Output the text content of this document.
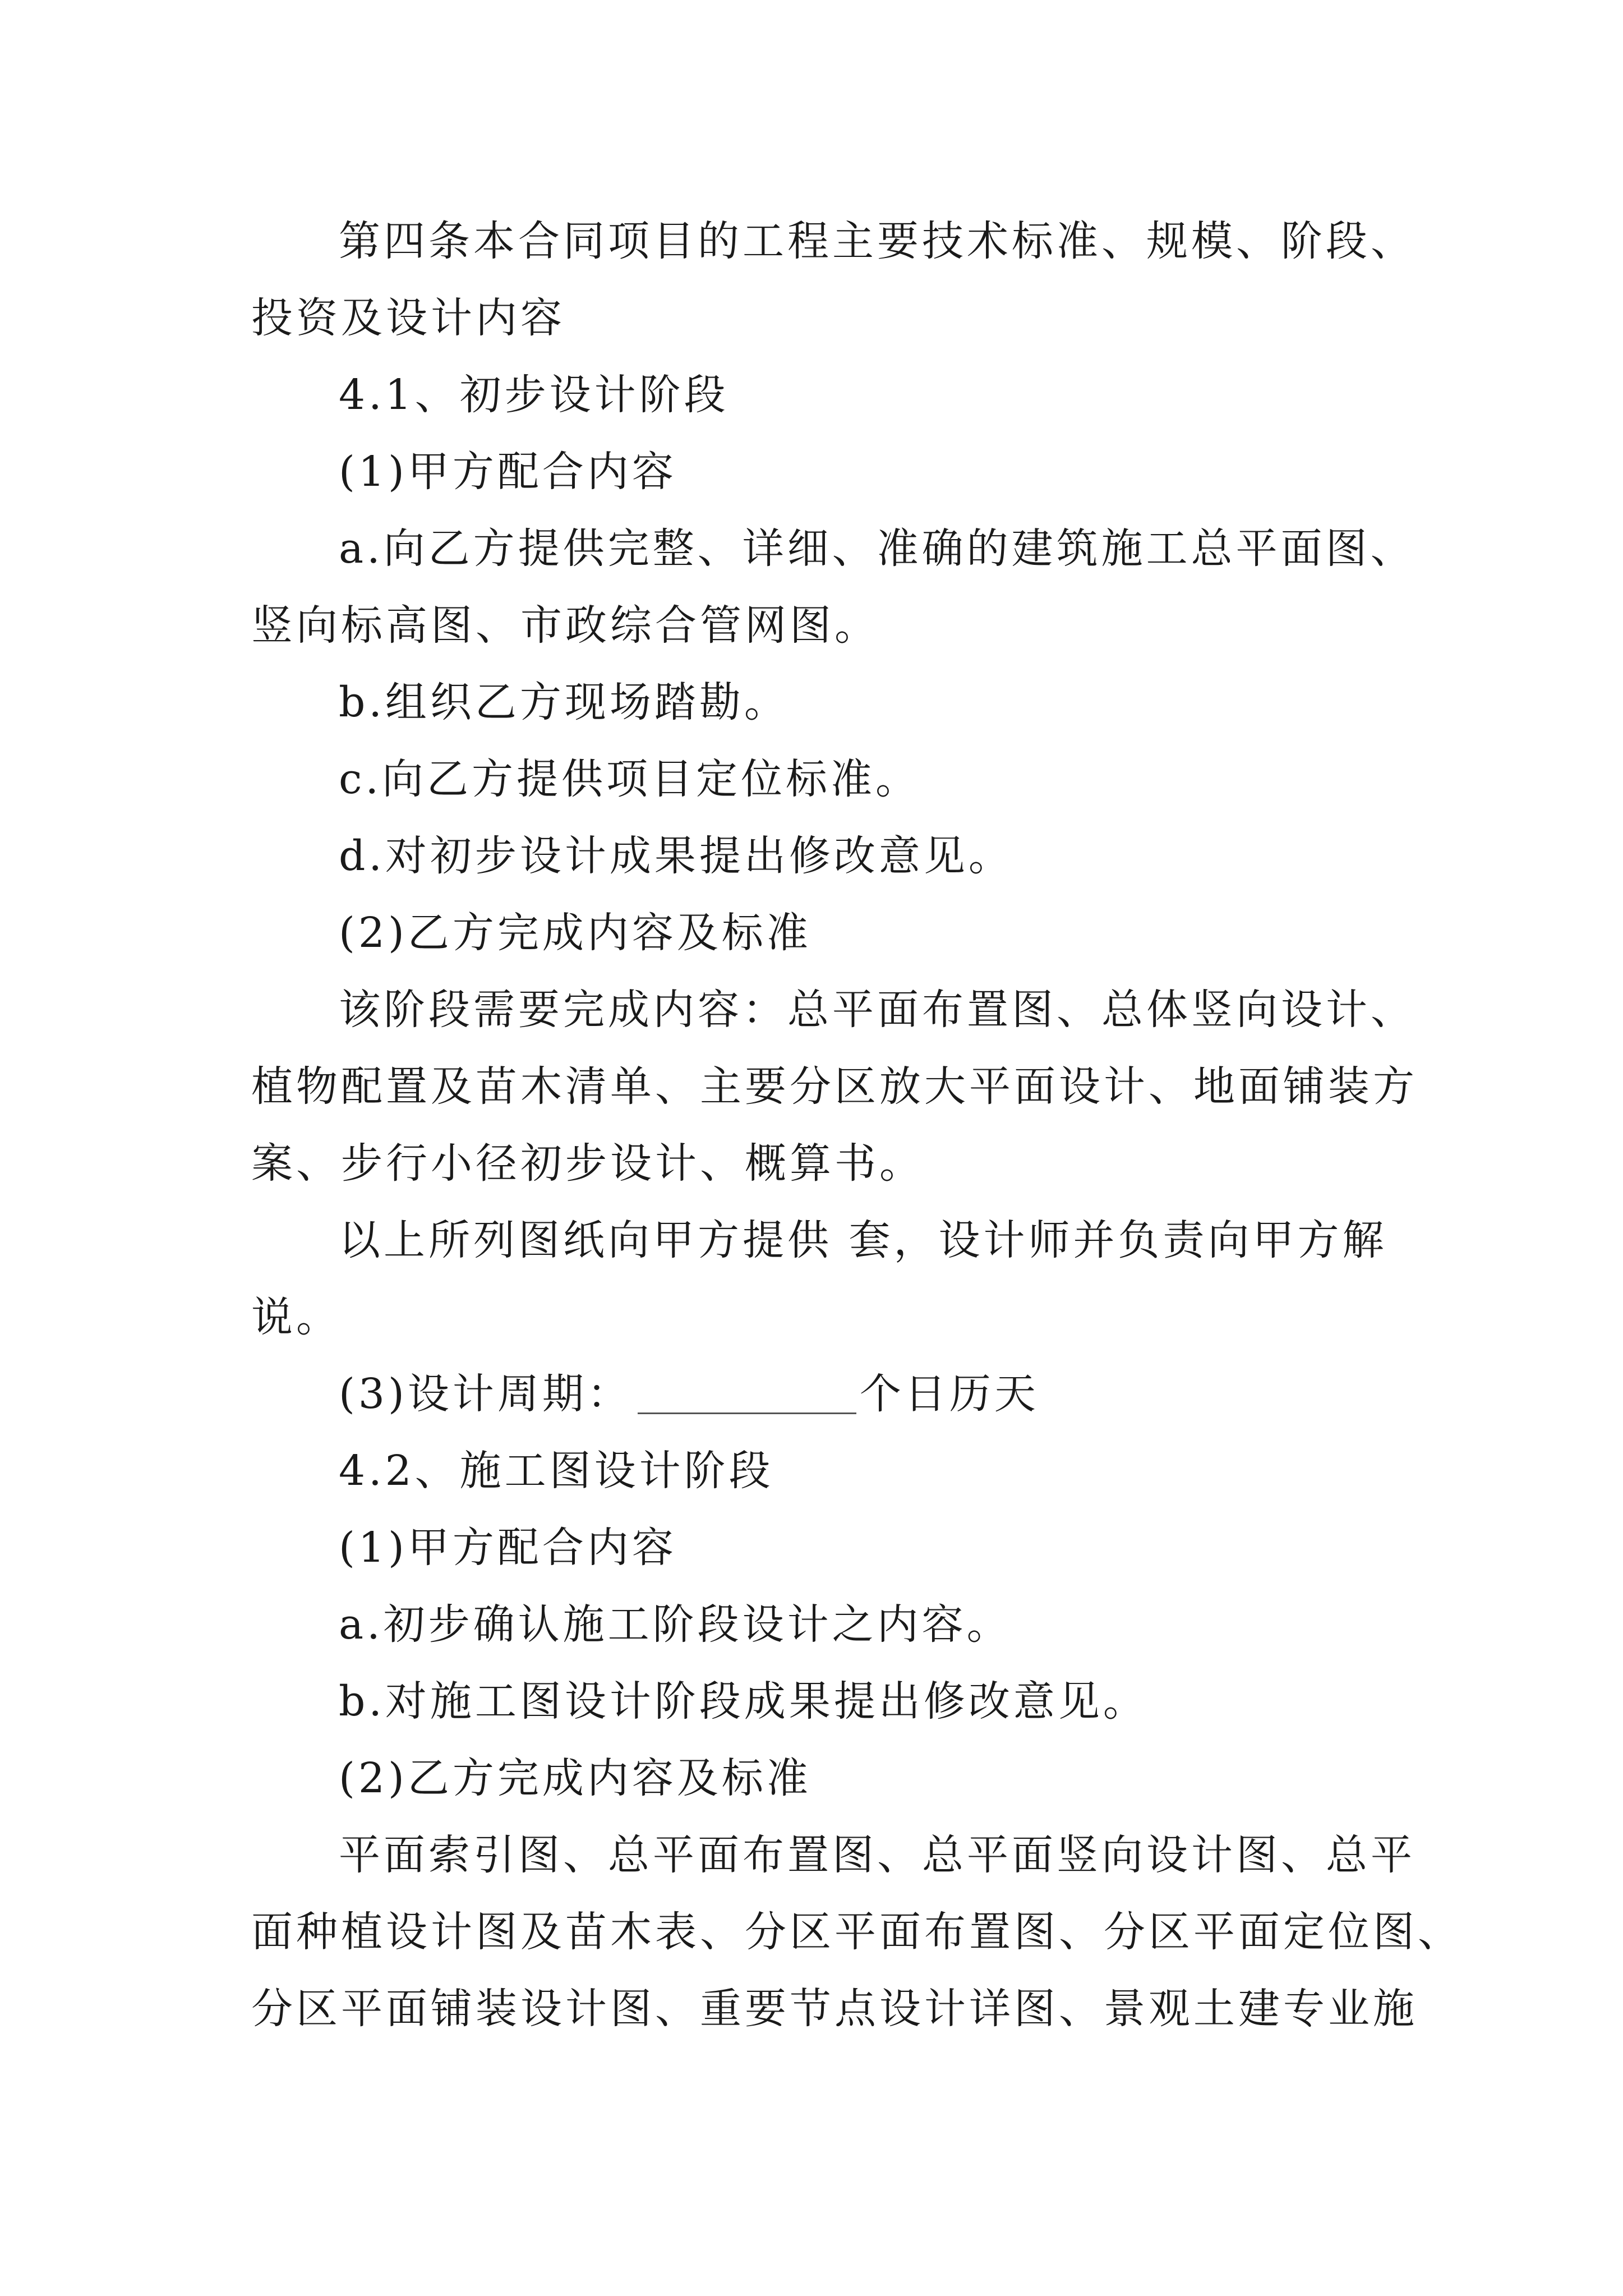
第四条本合同项目的工程主要技术标准、规模、阶段、
投资及设计内容
4.1、初步设计阶段
(1)甲方配合内容
a.向乙方提供完整、详细、准确的建筑施工总平面图、
竖向标高图、市政综合管网图。
b.组织乙方现场踏勘。
c.向乙方提供项目定位标准。
d.对初步设计成果提出修改意见。
(2)乙方完成内容及标准
该阶段需要完成内容：总平面布置图、总体竖向设计、
植物配置及苗木清单、主要分区放大平面设计、地面铺装方
案、步行小径初步设计、概算书。
以上所列图纸向甲方提供 套，设计师并负责向甲方解
说。
(3)设计周期：	个日历天
4.2、施工图设计阶段
(1)甲方配合内容
a.初步确认施工阶段设计之内容。
b.对施工图设计阶段成果提出修改意见。
(2)乙方完成内容及标准
平面索引图、总平面布置图、总平面竖向设计图、总平
面种植设计图及苗木表、分区平面布置图、分区平面定位图、
分区平面铺装设计图、重要节点设计详图、景观土建专业施
